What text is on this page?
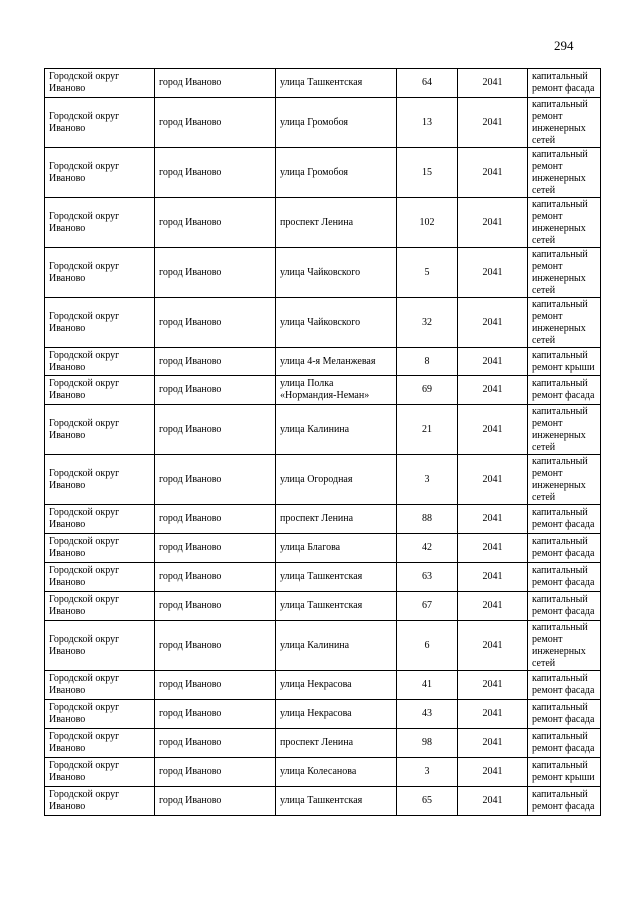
294
Городской округ Иваново	город Иваново	улица Ташкентская	64	2041	капитальный ремонт фасада
Городской округ Иваново	город Иваново	улица Громобоя	13	2041	капитальный ремонт инженерных сетей
Городской округ Иваново	город Иваново	улица Громобоя	15	2041	капитальный ремонт инженерных сетей
Городской округ Иваново	город Иваново	проспект Ленина	102	2041	капитальный ремонт инженерных сетей
Городской округ Иваново	город Иваново	улица Чайковского	5	2041	капитальный ремонт инженерных сетей
Городской округ Иваново	город Иваново	улица Чайковского	32	2041	капитальный ремонт инженерных сетей
Городской округ Иваново	город Иваново	улица 4-я Меланжевая	8	2041	капитальный ремонт крыши
Городской округ Иваново	город Иваново	улица Полка «Нормандия-Неман»	69	2041	капитальный ремонт фасада
Городской округ Иваново	город Иваново	улица Калинина	21	2041	капитальный ремонт инженерных сетей
Городской округ Иваново	город Иваново	улица Огородная	3	2041	капитальный ремонт инженерных сетей
Городской округ Иваново	город Иваново	проспект Ленина	88	2041	капитальный ремонт фасада
Городской округ Иваново	город Иваново	улица Благова	42	2041	капитальный ремонт фасада
Городской округ Иваново	город Иваново	улица Ташкентская	63	2041	капитальный ремонт фасада
Городской округ Иваново	город Иваново	улица Ташкентская	67	2041	капитальный ремонт фасада
Городской округ Иваново	город Иваново	улица Калинина	6	2041	капитальный ремонт инженерных сетей
Городской округ Иваново	город Иваново	улица Некрасова	41	2041	капитальный ремонт фасада
Городской округ Иваново	город Иваново	улица Некрасова	43	2041	капитальный ремонт фасада
Городской округ Иваново	город Иваново	проспект Ленина	98	2041	капитальный ремонт фасада
Городской округ Иваново	город Иваново	улица Колесанова	3	2041	капитальный ремонт крыши
Городской округ Иваново	город Иваново	улица Ташкентская	65	2041	капитальный ремонт фасада
